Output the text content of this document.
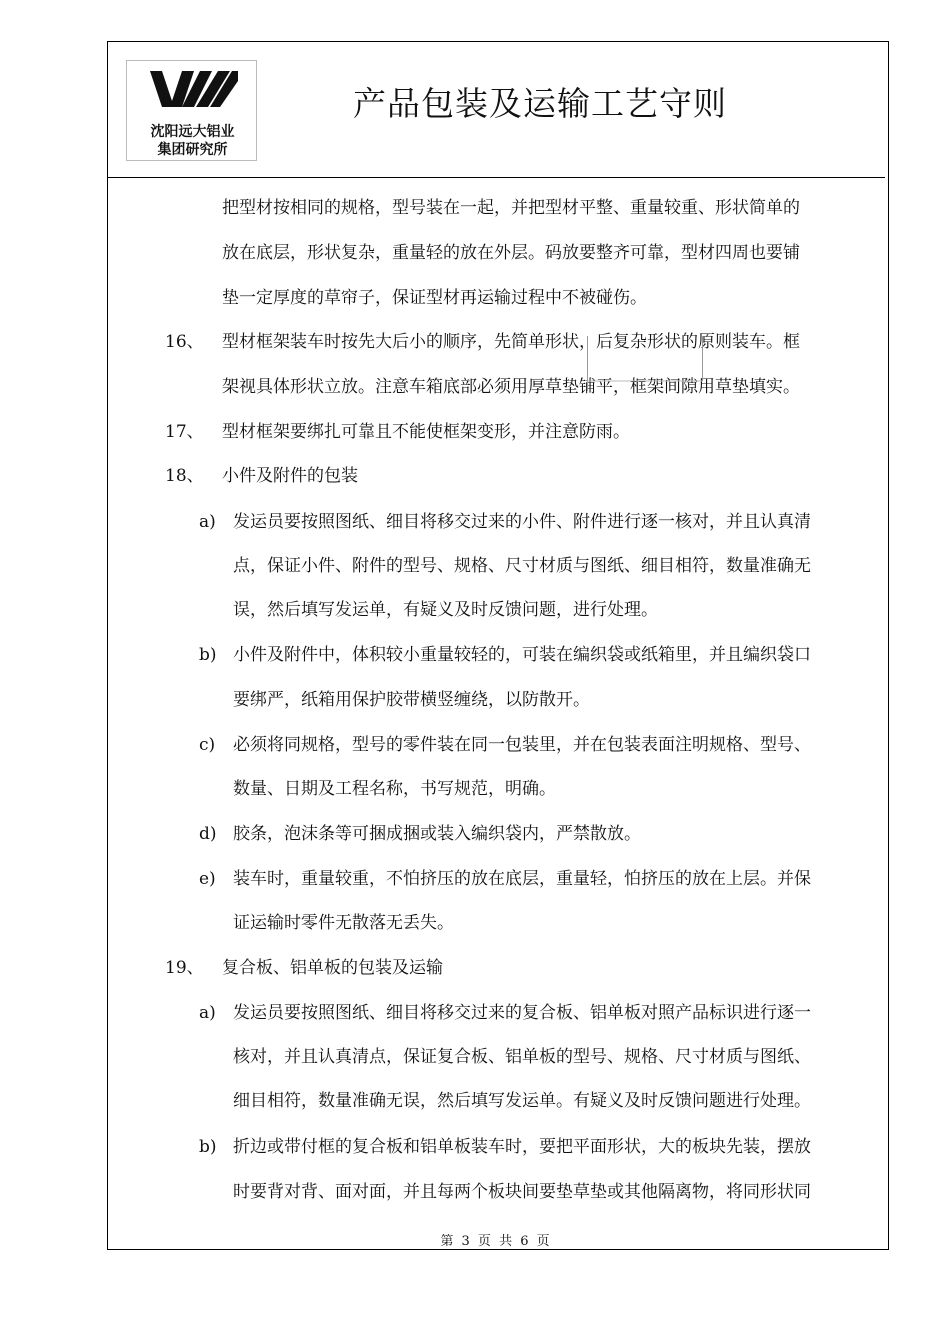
沈阳远大铝业
集团研究所
产品包装及运输工艺守则
把型材按相同的规格，型号装在一起，并把型材平整、重量较重、形状简单的
放在底层，形状复杂，重量轻的放在外层。码放要整齐可靠，型材四周也要铺
垫一定厚度的草帘子，保证型材再运输过程中不被碰伤。
16、 型材框架装车时按先大后小的顺序，先简单形状，后复杂形状的原则装车。框
架视具体形状立放。注意车箱底部必须用厚草垫铺平，框架间隙用草垫填实。
17、 型材框架要绑扎可靠且不能使框架变形，并注意防雨。
18、 小件及附件的包装
a) 发运员要按照图纸、细目将移交过来的小件、附件进行逐一核对，并且认真清
点，保证小件、附件的型号、规格、尺寸材质与图纸、细目相符，数量准确无
误，然后填写发运单，有疑义及时反馈问题，进行处理。
b) 小件及附件中，体积较小重量较轻的，可装在编织袋或纸箱里，并且编织袋口
要绑严，纸箱用保护胶带横竖缠绕，以防散开。
c) 必须将同规格，型号的零件装在同一包装里，并在包装表面注明规格、型号、
数量、日期及工程名称，书写规范，明确。
d) 胶条，泡沫条等可捆成捆或装入编织袋内，严禁散放。
e) 装车时，重量较重，不怕挤压的放在底层，重量轻，怕挤压的放在上层。并保
证运输时零件无散落无丢失。
19、 复合板、铝单板的包装及运输
a) 发运员要按照图纸、细目将移交过来的复合板、铝单板对照产品标识进行逐一
核对，并且认真清点，保证复合板、铝单板的型号、规格、尺寸材质与图纸、
细目相符，数量准确无误，然后填写发运单。有疑义及时反馈问题进行处理。
b) 折边或带付框的复合板和铝单板装车时，要把平面形状，大的板块先装，摆放
时要背对背、面对面，并且每两个板块间要垫草垫或其他隔离物，将同形状同
第 3 页 共 6 页
